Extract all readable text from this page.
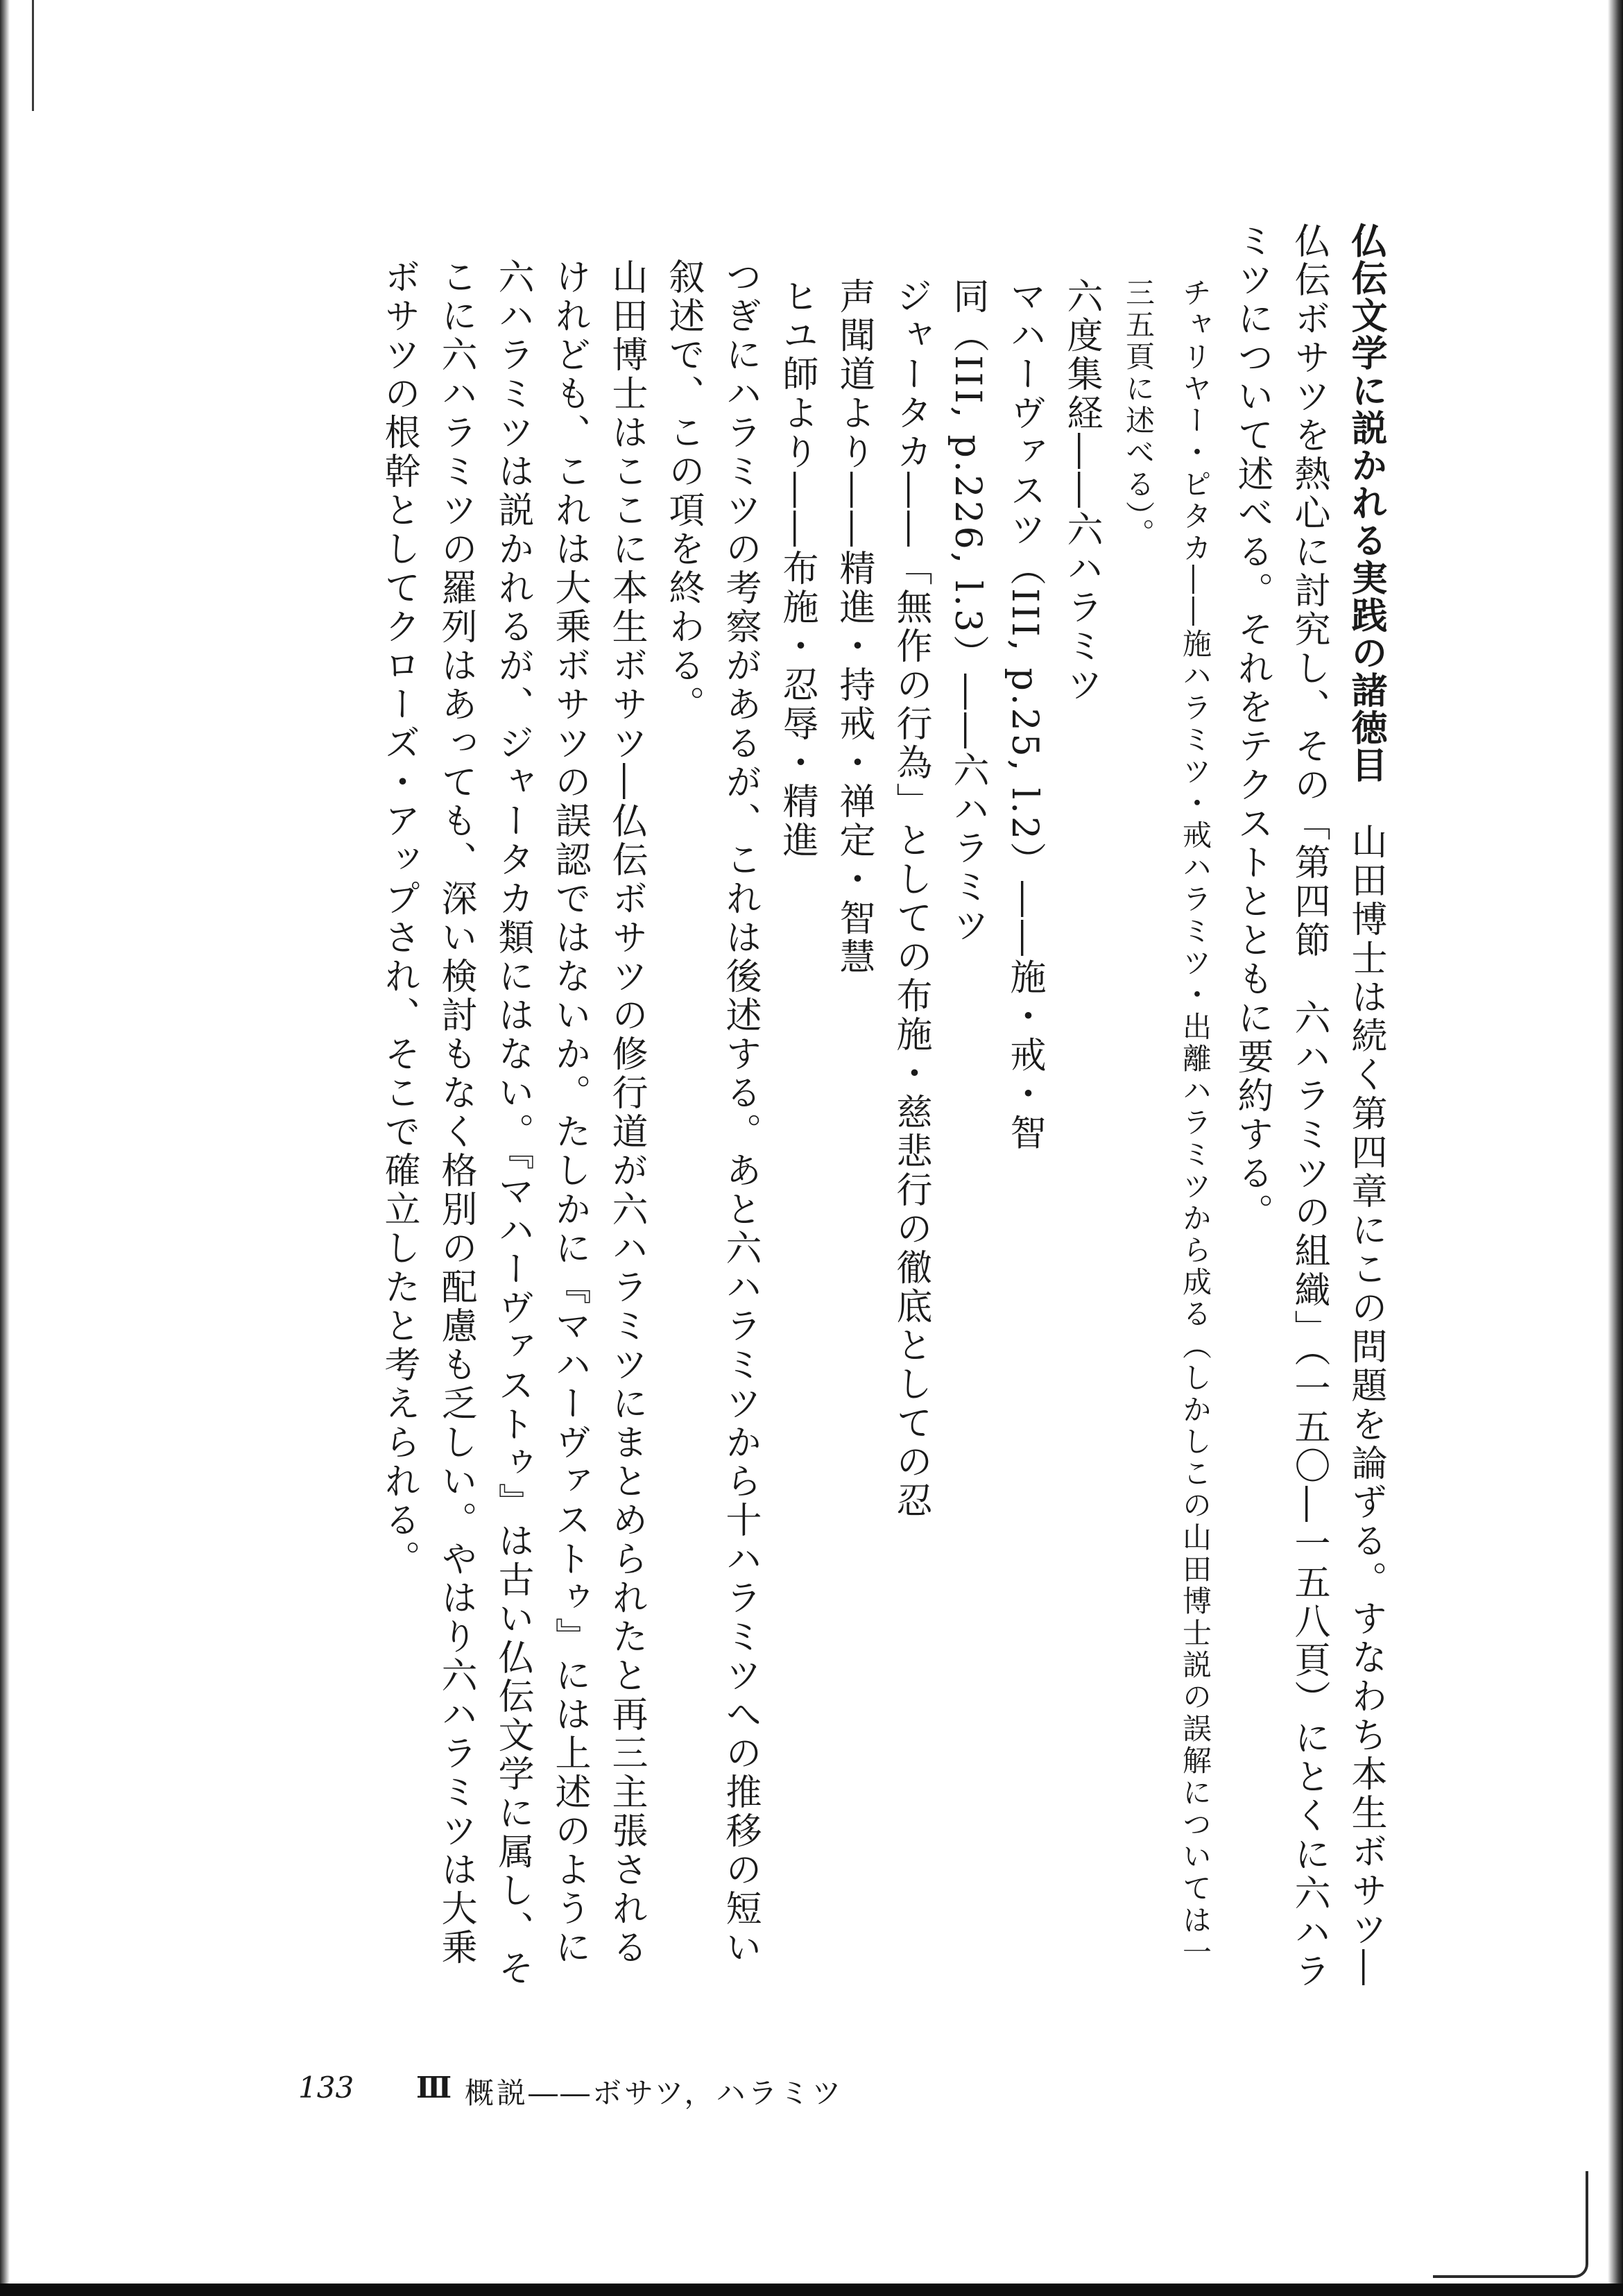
仏伝文学に説かれる実践の諸徳目　山田博士は続く第四章にこの問題を論ずる。すなわち本生ボサツ―仏伝ボサツを熱心に討究し、その「第四節　六ハラミツの組織」（一五〇―一五八頁）にとくに六ハラミツについて述べる。それをテクストとともに要約する。

チャリヤー・ピタカ――施ハラミツ・戒ハラミツ・出離ハラミツから成る（しかしこの山田博士説の誤解については一三五頁に述べる）。

六度集経――六ハラミツ

マハーヴァスツ（III, p.25, l.2）――施・戒・智

同（III, p.226, l.3）――六ハラミツ

ジャータカ――「無作の行為」としての布施・慈悲行の徹底としての忍

声聞道より――精進・持戒・禅定・智慧

ヒユ師より――布施・忍辱・精進

つぎにハラミツの考察があるが、これは後述する。あと六ハラミツから十ハラミツへの推移の短い叙述で、この項を終わる。

山田博士はここに本生ボサツ―仏伝ボサツの修行道が六ハラミツにまとめられたと再三主張されるけれども、これは大乗ボサツの誤認ではないか。たしかに『マハーヴァストゥ』には上述のように六ハラミツは説かれるが、ジャータカ類にはない。『マハーヴァストゥ』は古い仏伝文学に属し、そこに六ハラミツの羅列はあっても、深い検討もなく格別の配慮も乏しい。やはり六ハラミツは大乗ボサツの根幹としてクローズ・アップされ、そこで確立したと考えられる。

133 Ⅲ 概説――ボサツ，ハラミツ
